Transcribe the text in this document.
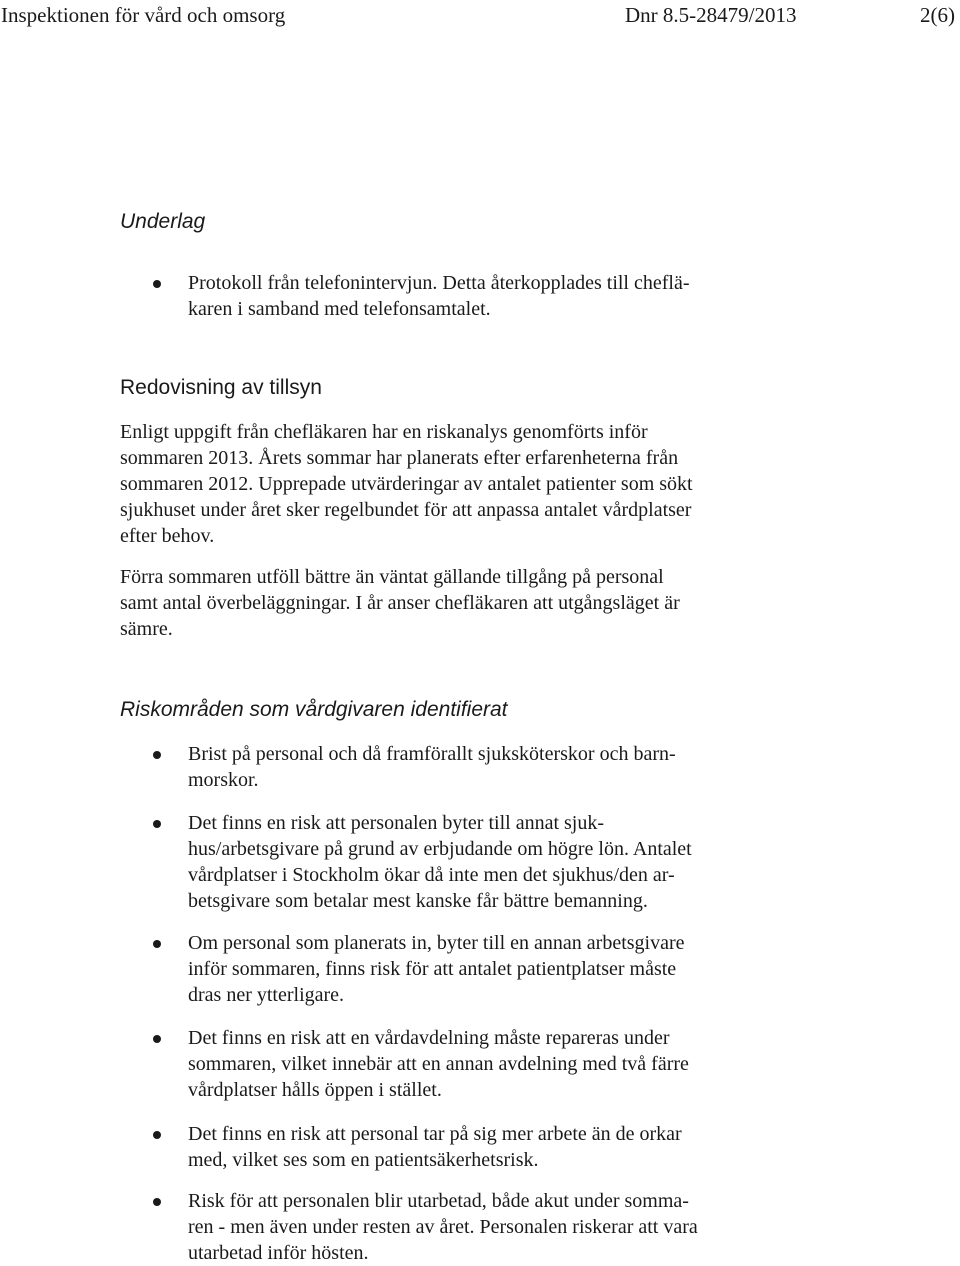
Inspektionen för vård och omsorg	Dnr 8.5-28479/2013	2(6)
Underlag

Protokoll från telefonintervjun. Detta återkopplades till cheflä-

karen i samband med telefonsamtalet.

Redovisning av tillsyn

Enligt uppgift från chefläkaren har en riskanalys genomförts inför

sommaren 2013. Årets sommar har planerats efter erfarenheterna från

sommaren 2012. Upprepade utvärderingar av antalet patienter som sökt

sjukhuset under året sker regelbundet för att anpassa antalet vårdplatser

efter behov.

Förra sommaren utföll bättre än väntat gällande tillgång på personal

samt antal överbeläggningar. I år anser chefläkaren att utgångsläget är

sämre.

Riskområden som vårdgivaren identifierat

Brist på personal och då framförallt sjuksköterskor och barn-

morskor.

Det finns en risk att personalen byter till annat sjuk-

hus/arbetsgivare på grund av erbjudande om högre lön. Antalet

vårdplatser i Stockholm ökar då inte men det sjukhus/den ar-

betsgivare som betalar mest kanske får bättre bemanning.

Om personal som planerats in, byter till en annan arbetsgivare

inför sommaren, finns risk för att antalet patientplatser måste

dras ner ytterligare.

Det finns en risk att en vårdavdelning måste repareras under

sommaren, vilket innebär att en annan avdelning med två färre

vårdplatser hålls öppen i stället.

Det finns en risk att personal tar på sig mer arbete än de orkar

med, vilket ses som en patientsäkerhetsrisk.

Risk för att personalen blir utarbetad, både akut under somma-

ren - men även under resten av året. Personalen riskerar att vara

utarbetad inför hösten.
